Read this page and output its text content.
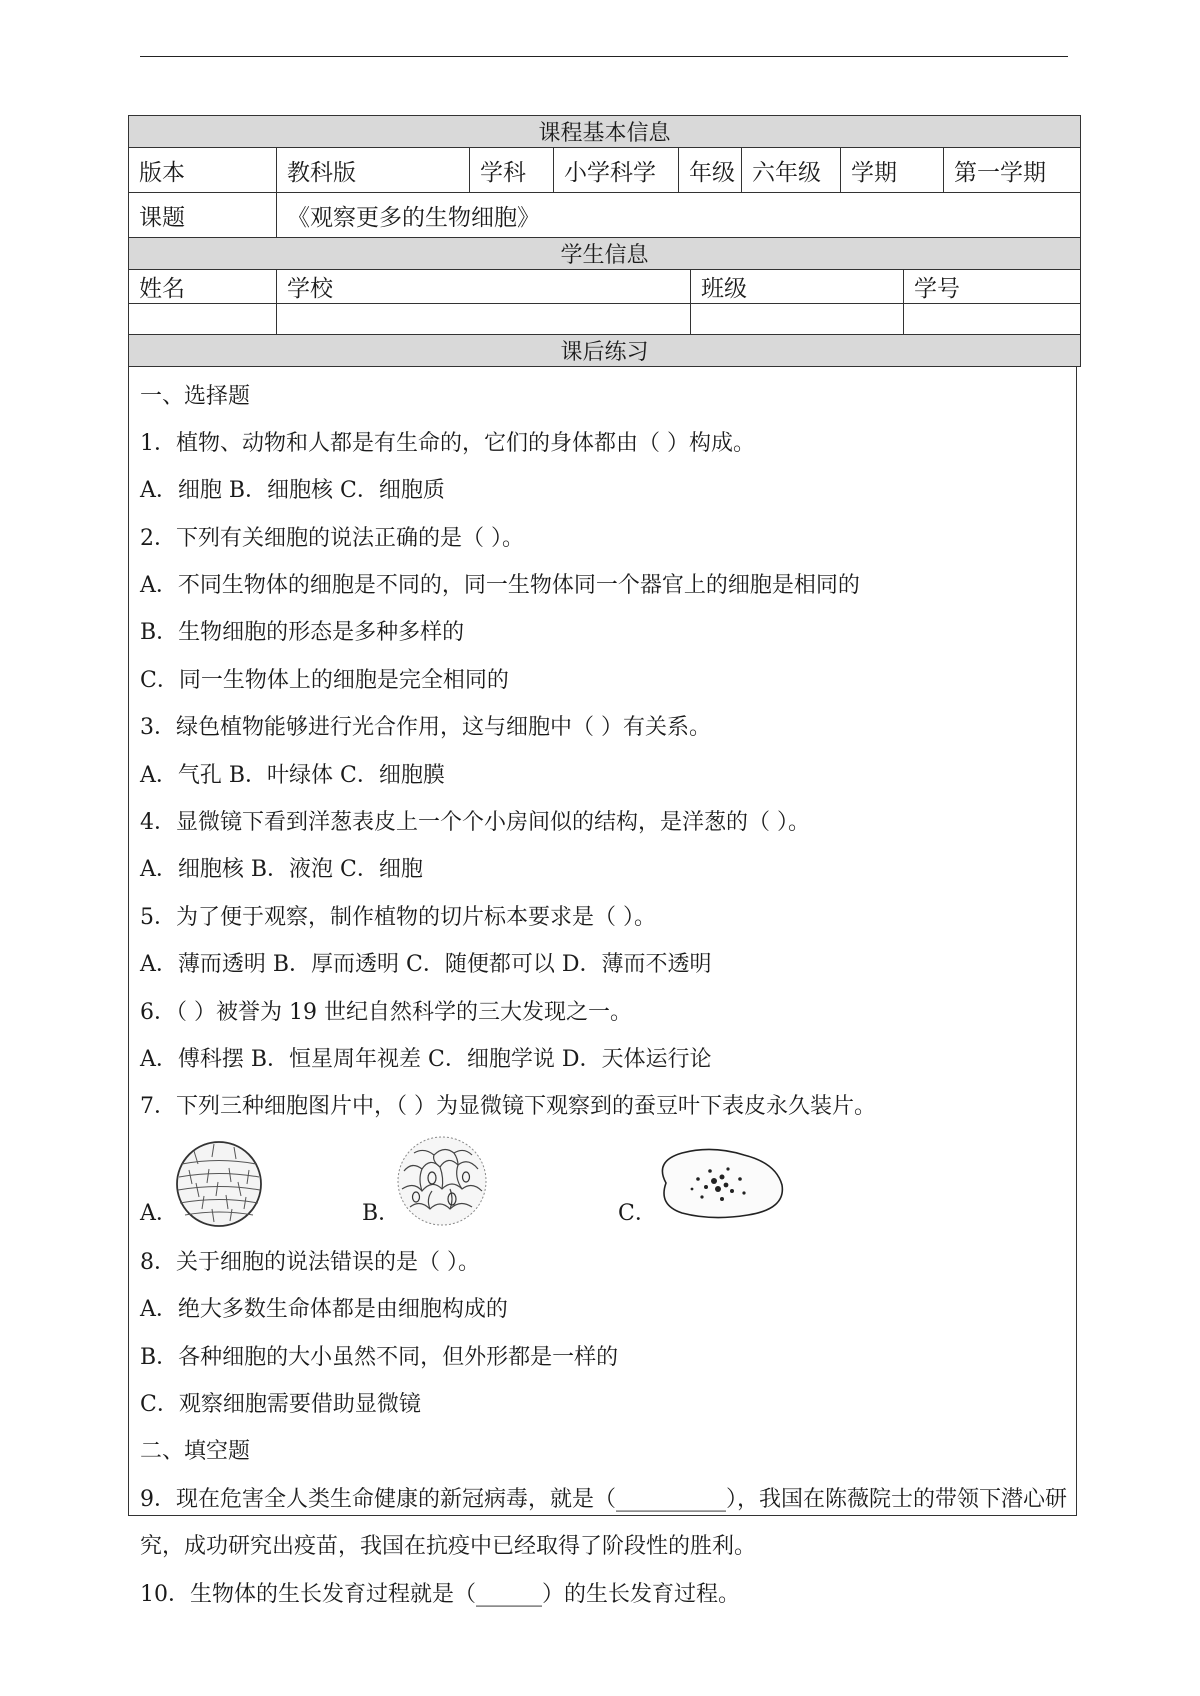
课程基本信息							
版本	教科版	学科	小学科学	年级	六年级	学期	第一学期
课题	《观察更多的生物细胞》						
学生信息			
姓名	学校	班级	学号

课后练习			
一、选择题
1．植物、动物和人都是有生命的，它们的身体都由（ ）构成。
A．细胞 B．细胞核 C．细胞质
2．下列有关细胞的说法正确的是（ ）。
A．不同生物体的细胞是不同的，同一生物体同一个器官上的细胞是相同的
B．生物细胞的形态是多种多样的
C．同一生物体上的细胞是完全相同的
3．绿色植物能够进行光合作用，这与细胞中（ ）有关系。
A．气孔 B．叶绿体 C．细胞膜
4．显微镜下看到洋葱表皮上一个个小房间似的结构，是洋葱的（ ）。
A．细胞核 B．液泡 C．细胞
5．为了便于观察，制作植物的切片标本要求是（ ）。
A．薄而透明 B．厚而透明 C．随便都可以 D．薄而不透明
6．（ ）被誉为 19 世纪自然科学的三大发现之一。
A．傅科摆 B．恒星周年视差 C．细胞学说 D．天体运行论
7．下列三种细胞图片中，（ ）为显微镜下观察到的蚕豆叶下表皮永久装片。
A．	B．	C．
8．关于细胞的说法错误的是（ ）。
A．绝大多数生命体都是由细胞构成的
B．各种细胞的大小虽然不同，但外形都是一样的
C．观察细胞需要借助显微镜
二、填空题
9．现在危害全人类生命健康的新冠病毒，就是（__________），我国在陈薇院士的带领下潜心研究，成功研究出疫苗，我国在抗疫中已经取得了阶段性的胜利。
10．生物体的生长发育过程就是（______）的生长发育过程。
